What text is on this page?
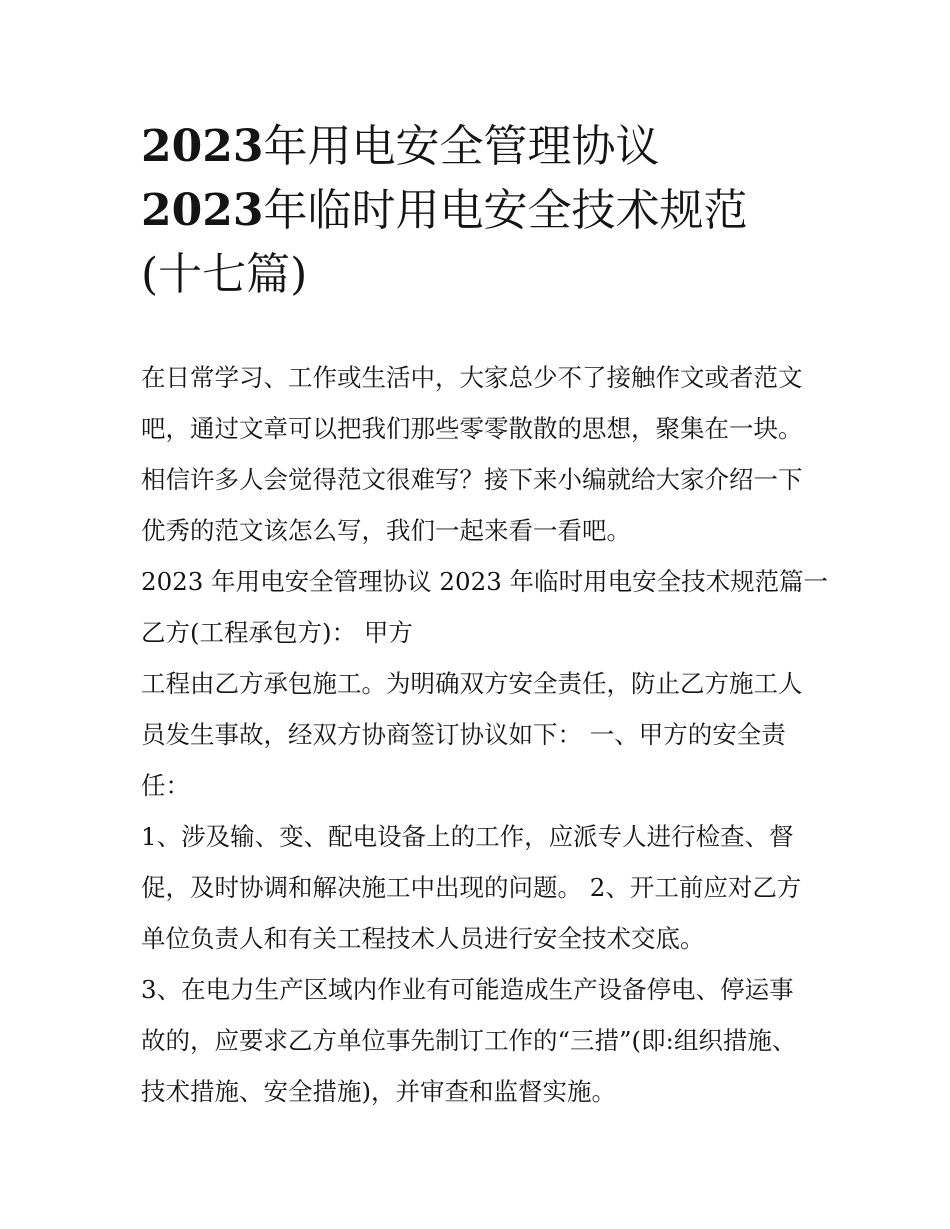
2023年用电安全管理协议
2023年临时用电安全技术规范
(十七篇)

在日常学习、工作或生活中，大家总少不了接触作文或者范文

吧，通过文章可以把我们那些零零散散的思想，聚集在一块。

相信许多人会觉得范文很难写？接下来小编就给大家介绍一下

优秀的范文该怎么写，我们一起来看一看吧。

2023 年用电安全管理协议 2023 年临时用电安全技术规范篇一

乙方(工程承包方)： 甲方

工程由乙方承包施工。为明确双方安全责任，防止乙方施工人

员发生事故，经双方协商签订协议如下： 一、甲方的安全责

任：

1、涉及输、变、配电设备上的工作，应派专人进行检查、督

促，及时协调和解决施工中出现的问题。 2、开工前应对乙方

单位负责人和有关工程技术人员进行安全技术交底。

3、在电力生产区域内作业有可能造成生产设备停电、停运事

故的，应要求乙方单位事先制订工作的“三措”(即:组织措施、

技术措施、安全措施)，并审查和监督实施。
